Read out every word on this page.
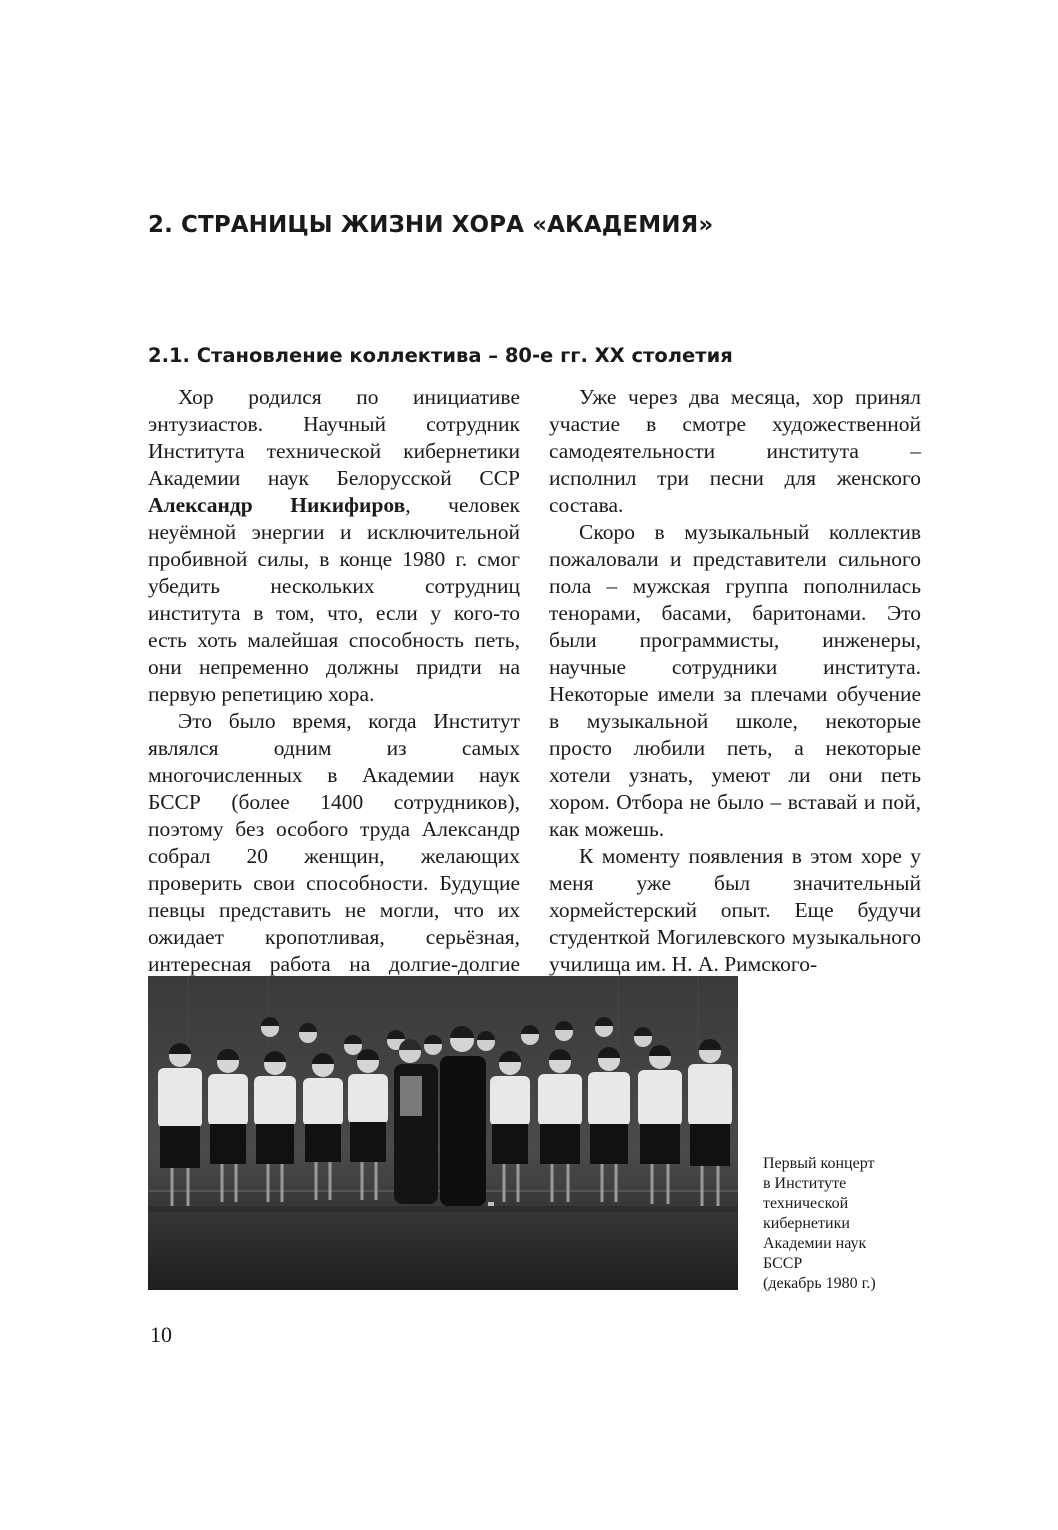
2. СТРАНИЦЫ ЖИЗНИ ХОРА «АКАДЕМИЯ»
2.1. Становление коллектива – 80-е гг. XX столетия

Хор родился по инициативе энтузиастов. Научный сотрудник Института технической кибернетики Академии наук Белорусской ССР Александр Никифиров, человек неуёмной энергии и исключительной пробивной силы, в конце 1980 г. смог убедить нескольких сотрудниц института в том, что, если у кого-то есть хоть малейшая способность петь, они непременно должны придти на первую репетицию хора.

Это было время, когда Институт являлся одним из самых многочисленных в Академии наук БССР (более 1400 сотрудников), поэтому без особого труда Александр собрал 20 женщин, желающих проверить свои способности. Будущие певцы представить не могли, что их ожидает кропотливая, серьёзная, интересная работа на долгие-долгие

Уже через два месяца, хор принял участие в смотре художественной самодеятельности института – исполнил три песни для женского состава.

Скоро в музыкальный коллектив пожаловали и представители сильного пола – мужская группа пополнилась тенорами, басами, баритонами. Это были программисты, инженеры, научные сотрудники института. Некоторые имели за плечами обучение в музыкальной школе, некоторые просто любили петь, а некоторые хотели узнать, умеют ли они петь хором. Отбора не было – вставай и пой, как можешь.

К моменту появления в этом хоре у меня уже был значительный хормейстерский опыт. Еще будучи студенткой Могилевского музыкального училища им. Н. А. Римского-

Первый концерт
в Институте
технической
кибернетики
Академии наук
БССР
(декабрь 1980 г.)

10
